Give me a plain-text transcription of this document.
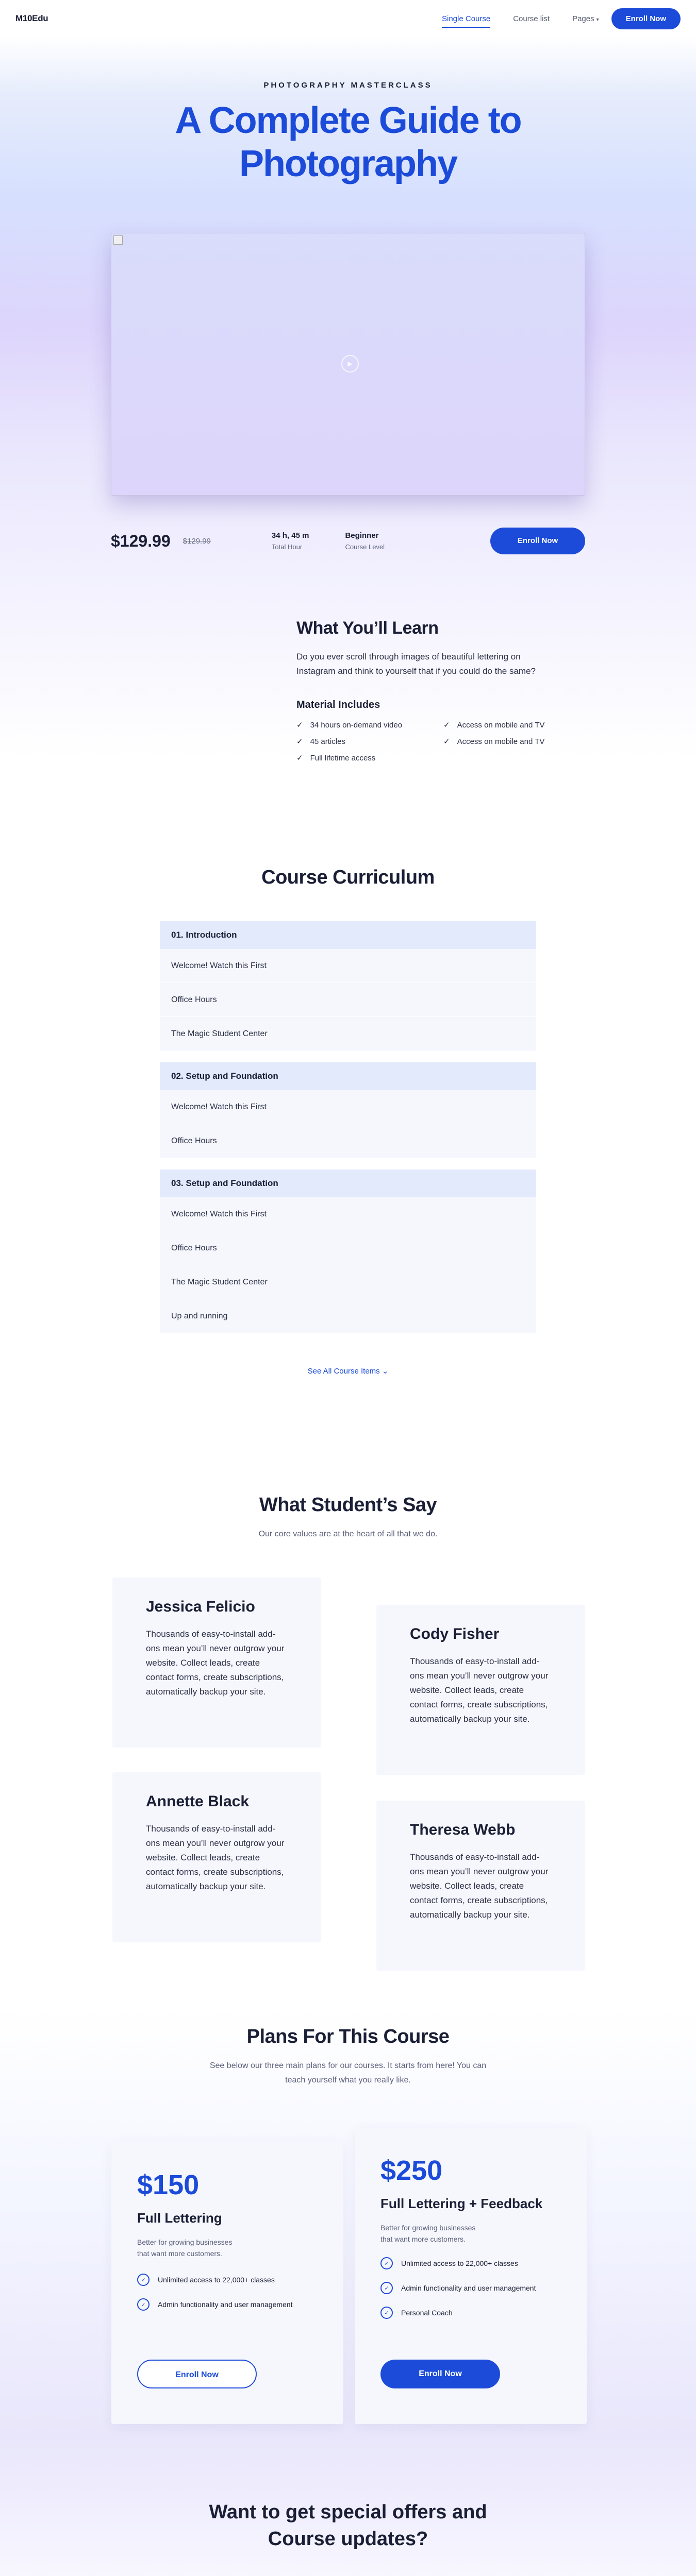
M10Edu	Single Course	Course list	Pages ▾	Enroll Now
PHOTOGRAPHY MASTERCLASS
A Complete Guide to Photography
▶
$129.99 $129.99
34 h, 45 m
Total Hour
Beginner
Course Level
Enroll Now
What You’ll Learn

Do you ever scroll through images of beautiful lettering on Instagram and think to yourself that if you could do the same?

Material Includes
✓ 34 hours on-demand video	✓ Access on mobile and TV
✓ 45 articles	✓ Access on mobile and TV
✓ Full lifetime access
Course Curriculum
01. Introduction
Welcome! Watch this First
Office Hours
The Magic Student Center
02. Setup and Foundation
Welcome! Watch this First
Office Hours
03. Setup and Foundation
Welcome! Watch this First
Office Hours
The Magic Student Center
Up and running
See All Course Items ⌄
What Student’s Say
Our core values are at the heart of all that we do.
Jessica Felicio
Thousands of easy-to-install add-ons mean you’ll never outgrow your website. Collect leads, create contact forms, create subscriptions, automatically backup your site.
Cody Fisher
Thousands of easy-to-install add-ons mean you’ll never outgrow your website. Collect leads, create contact forms, create subscriptions, automatically backup your site.
Annette Black
Thousands of easy-to-install add-ons mean you’ll never outgrow your website. Collect leads, create contact forms, create subscriptions, automatically backup your site.
Theresa Webb
Thousands of easy-to-install add-ons mean you’ll never outgrow your website. Collect leads, create contact forms, create subscriptions, automatically backup your site.
Plans For This Course
See below our three main plans for our courses. It starts from here! You can teach yourself what you really like.
$150
Full Lettering
Better for growing businesses that want more customers.
✓	Unlimited access to 22,000+ classes
✓	Admin functionality and user management
Enroll Now
$250
Full Lettering + Feedback
Better for growing businesses that want more customers.
✓	Unlimited access to 22,000+ classes
✓	Admin functionality and user management
✓	Personal Coach
Enroll Now
Want to get special offers and
Course updates?
